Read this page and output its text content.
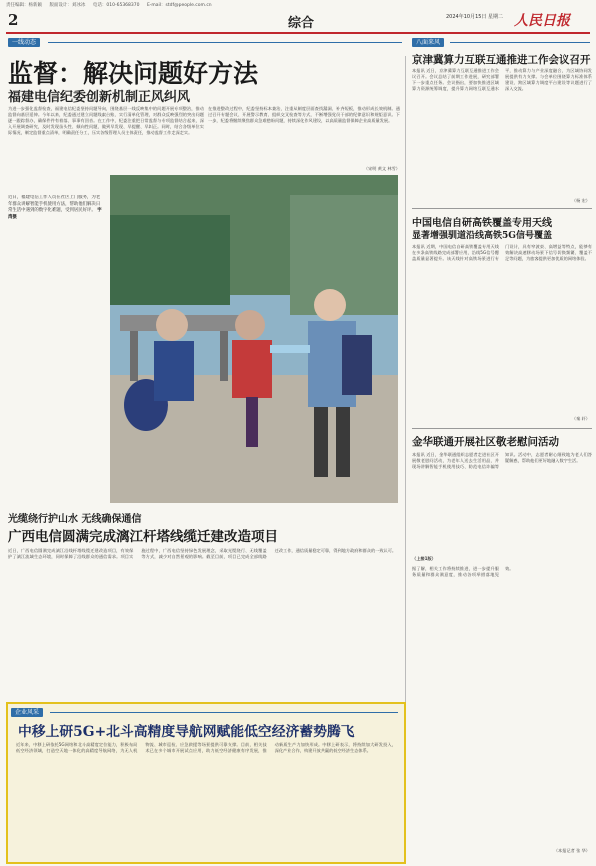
责任编辑：杨新颖 版面设计：刘冰冰 电话：010-65368370 E-mail：stdf@people.com.cn
2	综合	2024年10月15日 星期二 人民日报
一线动态
监督：解决问题好方法
福建电信纪委创新机制正风纠风
为进一步强化监督检查，福建电信纪委坚持问题导向，围绕基层一线反映集中的问题开展专项整治，推动监督向基层延伸。今年以来，纪委通过建立问题线索台账、实行清单化管理，对群众反映强烈的突出问题逐一跟踪督办，确保件件有着落、事事有回音。在工作中，纪委注重把日常监督与专项监督结合起来，深入开展调查研究，及时发现苗头性、倾向性问题，做到早发现、早提醒、早纠正。同时，结合各级单位实际情况，制定监督重点清单，明确责任分工，压实各级管理人员主体责任，推动监督工作走深走实。
在推进整改过程中，纪委坚持标本兼治，注重从制度层面查找漏洞、补齐短板，推动形成长效机制。通过召开专题会议、开展警示教育、组织交叉检查等方式，不断增强党员干部的纪律意识和规矩意识。下一步，纪委将继续聚焦群众急难愁盼问题，持续深化作风建设，以高质量监督保障企业高质量发展。
（宋明 黄文 林雪）
近日，福建电信工作人员在社区上门服务，为老年群众讲解智能手机使用方法，帮助他们解决日常生活中遇到的数字化难题，受到居民好评。 宇湾摄
光缆绕行护山水 无线确保通信
广西电信圆满完成漓江杆塔线缆迁建改造项目
近日，广西电信圆满完成漓江沿线杆塔线缆迁建改造项目，有效保护了漓江流域生态环境，同时保障了沿线群众的通信需求。项目实施过程中，广西电信坚持绿色发展理念，采取光缆绕行、无线覆盖等方式，减少对自然景观的影响。截至目前，项目已完成全部线路迁改工作，通信质量稳定可靠，得到地方政府和群众的一致认可。
企业风采
中移上研5G+北斗高精度导航网赋能低空经济蓄势腾飞
近年来，中移上研依托5G网络和北斗高精度定位能力，积极布局低空经济领域，打造空天地一体化的高精度导航网络，为无人机物流、城市巡检、应急救援等场景提供可靠支撑。目前，相关技术已在多个城市开展试点应用，助力低空经济健康有序发展，推动新质生产力加快形成。中移上研表示，将持续加大研发投入，深化产业合作，构建开放共赢的低空经济生态体系。
八面来风
京津冀算力互联互通推进工作会议召开
本报讯 近日，京津冀算力互联互通推进工作会议召开。会议总结了前期工作进展，研究部署下一步重点任务。会议指出，要加快推进区域算力资源统筹调度，提升算力网络互联互通水平，推动算力与产业深度融合，为区域协同发展提供有力支撑。与会单位围绕算力标准体系建设、跨区域算力调度平台建设等议题进行了深入交流。
（杨 宏）
中国电信自研高铁覆盖专用天线
显著增强驯道沿线高铁5G信号覆盖
本报讯 近期，中国电信自研高铁覆盖专用天线在多条高铁线路完成部署应用，沿线5G信号覆盖质量显著提升。该天线针对高铁场景进行专门设计，具有窄波束、高增益等特点，能够有效解决高速移动场景下信号切换频繁、覆盖不足等问题，为旅客提供更加优质的网络体验。
（秦 轩）
金华联通开展社区敬老慰问活动
本报讯 近日，金华联通组织志愿者走进社区开展敬老慰问活动，为老年人送去生活用品，并现场讲解智能手机使用技巧、防范电信诈骗等知识。活动中，志愿者耐心细致地为老人们答疑解惑，帮助他们更好地融入数字生活。
（上接1版）
据了解，相关工作将持续推进，进一步提升服务质量和群众满意度，推动各项举措落地见效。
（本报记者 张 华）
